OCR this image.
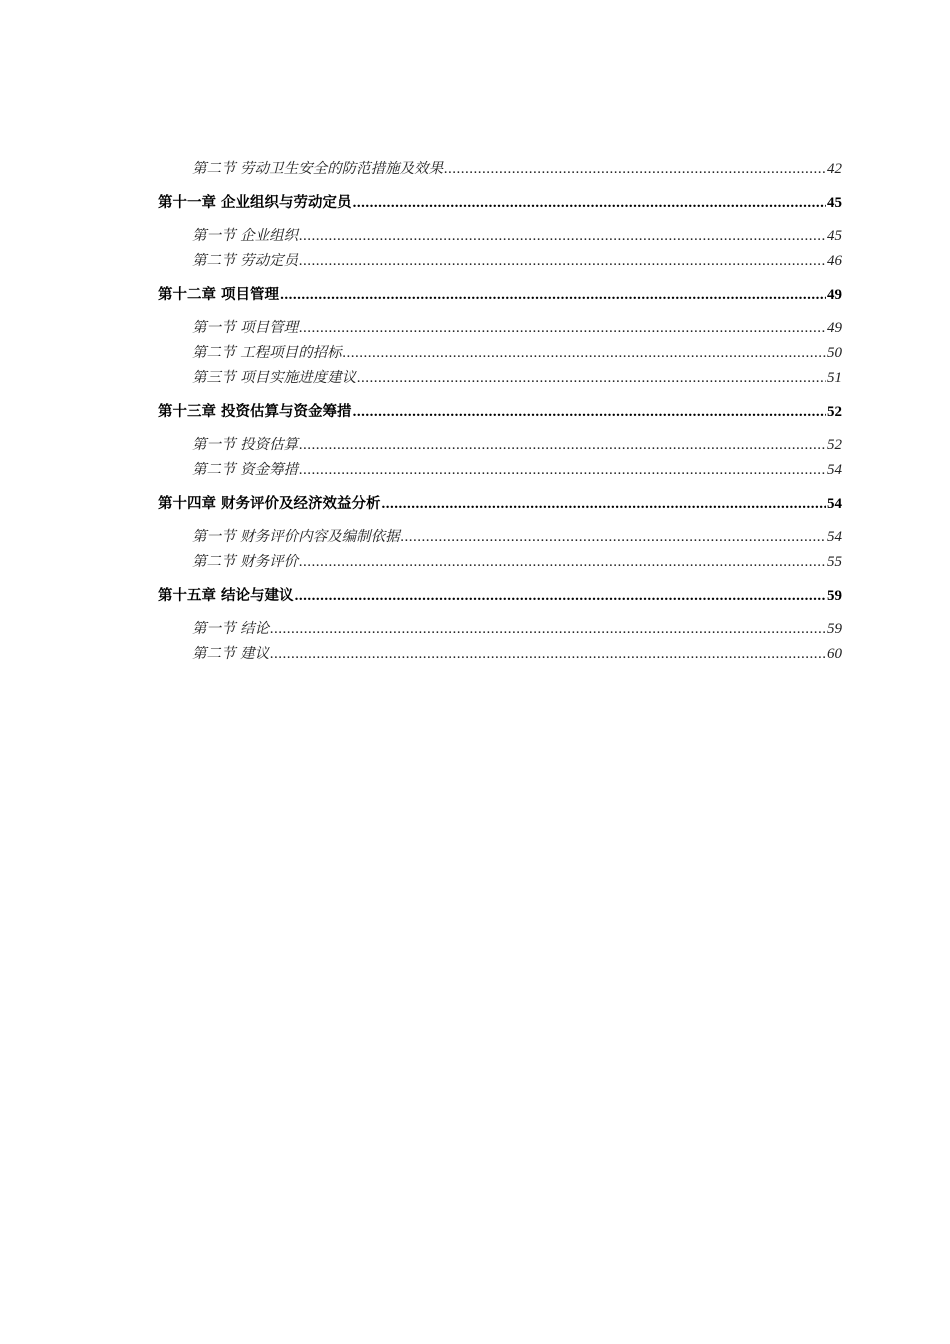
第二节 劳动卫生安全的防范措施及效果 .....	42
第十一章 企业组织与劳动定员 .....	45
第一节 企业组织 .....	45
第二节 劳动定员 .....	46
第十二章 项目管理 .....	49
第一节 项目管理 .....	49
第二节 工程项目的招标 .....	50
第三节 项目实施进度建议 .....	51
第十三章 投资估算与资金筹措 .....	52
第一节 投资估算 .....	52
第二节 资金筹措 .....	54
第十四章 财务评价及经济效益分析 .....	54
第一节 财务评价内容及编制依据 .....	54
第二节 财务评价 .....	55
第十五章 结论与建议 .....	59
第一节 结论 .....	59
第二节 建议 .....	60
